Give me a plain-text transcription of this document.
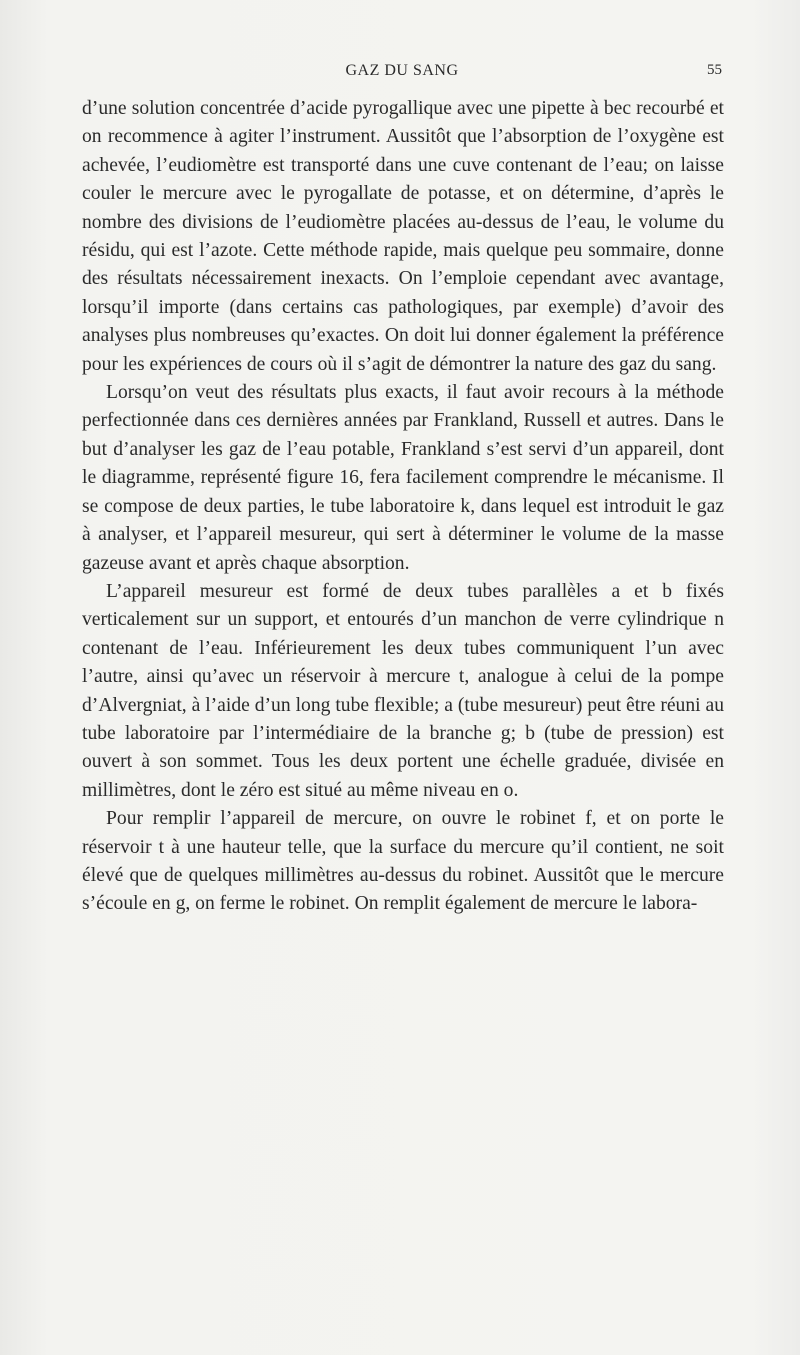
GAZ DU SANG	55

d’une solution concentrée d’acide pyrogallique avec une pipette à bec recourbé et on recommence à agiter l’instrument. Aussitôt que l’absorption de l’oxygène est achevée, l’eudiomètre est transporté dans une cuve contenant de l’eau; on laisse couler le mercure avec le pyrogallate de potasse, et on détermine, d’après le nombre des divisions de l’eudiomètre placées au-dessus de l’eau, le volume du résidu, qui est l’azote. Cette méthode rapide, mais quelque peu sommaire, donne des résultats nécessairement inexacts. On l’emploie cependant avec avantage, lorsqu’il importe (dans certains cas pathologiques, par exemple) d’avoir des analyses plus nombreuses qu’exactes. On doit lui donner également la préférence pour les expériences de cours où il s’agit de démontrer la nature des gaz du sang.

Lorsqu’on veut des résultats plus exacts, il faut avoir recours à la méthode perfectionnée dans ces dernières années par Frankland, Russell et autres. Dans le but d’analyser les gaz de l’eau potable, Frankland s’est servi d’un appareil, dont le diagramme, représenté figure 16, fera facilement comprendre le mécanisme. Il se compose de deux parties, le tube laboratoire k, dans lequel est introduit le gaz à analyser, et l’appareil mesureur, qui sert à déterminer le volume de la masse gazeuse avant et après chaque absorption.

L’appareil mesureur est formé de deux tubes parallèles a et b fixés verticalement sur un support, et entourés d’un manchon de verre cylindrique n contenant de l’eau. Inférieurement les deux tubes communiquent l’un avec l’autre, ainsi qu’avec un réservoir à mercure t, analogue à celui de la pompe d’Alvergniat, à l’aide d’un long tube flexible; a (tube mesureur) peut être réuni au tube laboratoire par l’intermédiaire de la branche g; b (tube de pression) est ouvert à son sommet. Tous les deux portent une échelle graduée, divisée en millimètres, dont le zéro est situé au même niveau en o.

Pour remplir l’appareil de mercure, on ouvre le robinet f, et on porte le réservoir t à une hauteur telle, que la surface du mercure qu’il contient, ne soit élevé que de quelques millimètres au-dessus du robinet. Aussitôt que le mercure s’écoule en g, on ferme le robinet. On remplit également de mercure le labora-
